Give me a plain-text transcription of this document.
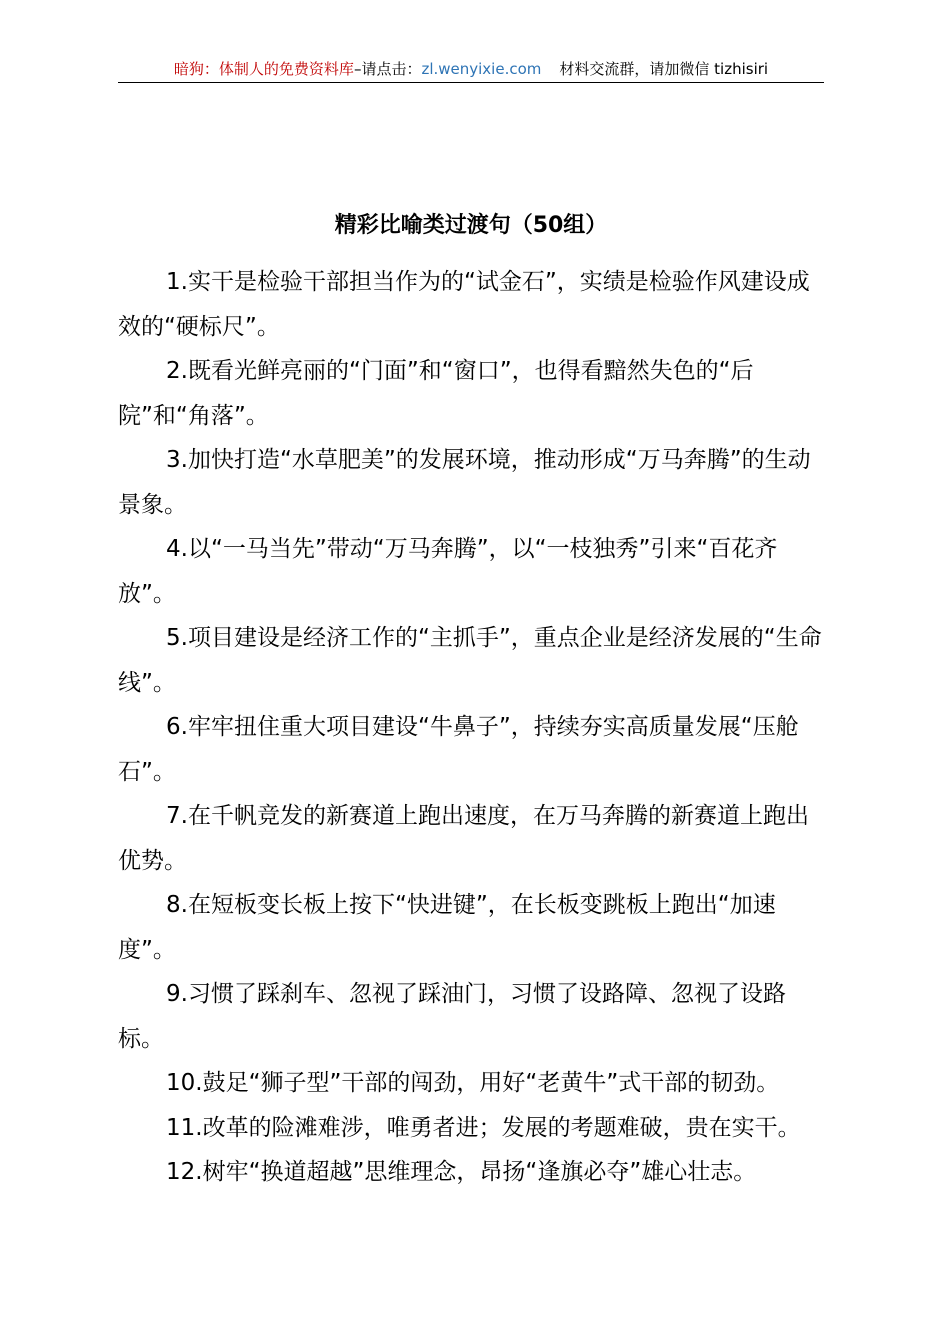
暗狗：体制人的免费资料库–请点击：zl.wenyixie.com 材料交流群，请加微信 tizhisiri
精彩比喻类过渡句（50组）

1.实干是检验干部担当作为的“试金石”，实绩是检验作风建设成效的“硬标尺”。

2.既看光鲜亮丽的“门面”和“窗口”，也得看黯然失色的“后院”和“角落”。

3.加快打造“水草肥美”的发展环境，推动形成“万马奔腾”的生动景象。

4.以“一马当先”带动“万马奔腾”，以“一枝独秀”引来“百花齐放”。

5.项目建设是经济工作的“主抓手”，重点企业是经济发展的“生命线”。

6.牢牢扭住重大项目建设“牛鼻子”，持续夯实高质量发展“压舱石”。

7.在千帆竞发的新赛道上跑出速度，在万马奔腾的新赛道上跑出优势。

8.在短板变长板上按下“快进键”，在长板变跳板上跑出“加速度”。

9.习惯了踩刹车、忽视了踩油门，习惯了设路障、忽视了设路标。

10.鼓足“狮子型”干部的闯劲，用好“老黄牛”式干部的韧劲。

11.改革的险滩难涉，唯勇者进；发展的考题难破，贵在实干。

12.树牢“换道超越”思维理念，昂扬“逢旗必夺”雄心壮志。
